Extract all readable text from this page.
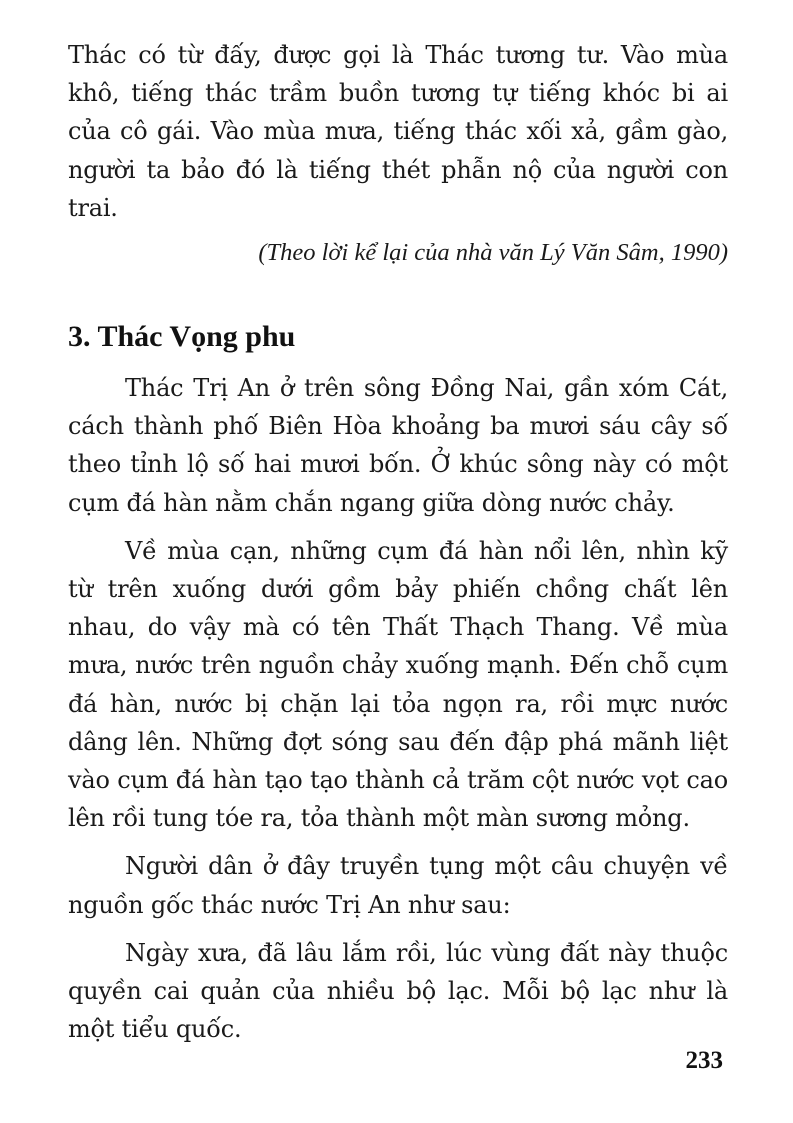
Thác có từ đấy, được gọi là Thác tương tư. Vào mùa khô, tiếng thác trầm buồn tương tự tiếng khóc bi ai của cô gái. Vào mùa mưa, tiếng thác xối xả, gầm gào, người ta bảo đó là tiếng thét phẫn nộ của người con trai.

(Theo lời kể lại của nhà văn Lý Văn Sâm, 1990)

3. Thác Vọng phu

Thác Trị An ở trên sông Đồng Nai, gần xóm Cát, cách thành phố Biên Hòa khoảng ba mươi sáu cây số theo tỉnh lộ số hai mươi bốn. Ở khúc sông này có một cụm đá hàn nằm chắn ngang giữa dòng nước chảy.

Về mùa cạn, những cụm đá hàn nổi lên, nhìn kỹ từ trên xuống dưới gồm bảy phiến chồng chất lên nhau, do vậy mà có tên Thất Thạch Thang. Về mùa mưa, nước trên nguồn chảy xuống mạnh. Đến chỗ cụm đá hàn, nước bị chặn lại tỏa ngọn ra, rồi mực nước dâng lên. Những đợt sóng sau đến đập phá mãnh liệt vào cụm đá hàn tạo tạo thành cả trăm cột nước vọt cao lên rồi tung tóe ra, tỏa thành một màn sương mỏng.

Người dân ở đây truyền tụng một câu chuyện về nguồn gốc thác nước Trị An như sau:

Ngày xưa, đã lâu lắm rồi, lúc vùng đất này thuộc quyền cai quản của nhiều bộ lạc. Mỗi bộ lạc như là một tiểu quốc.

233
